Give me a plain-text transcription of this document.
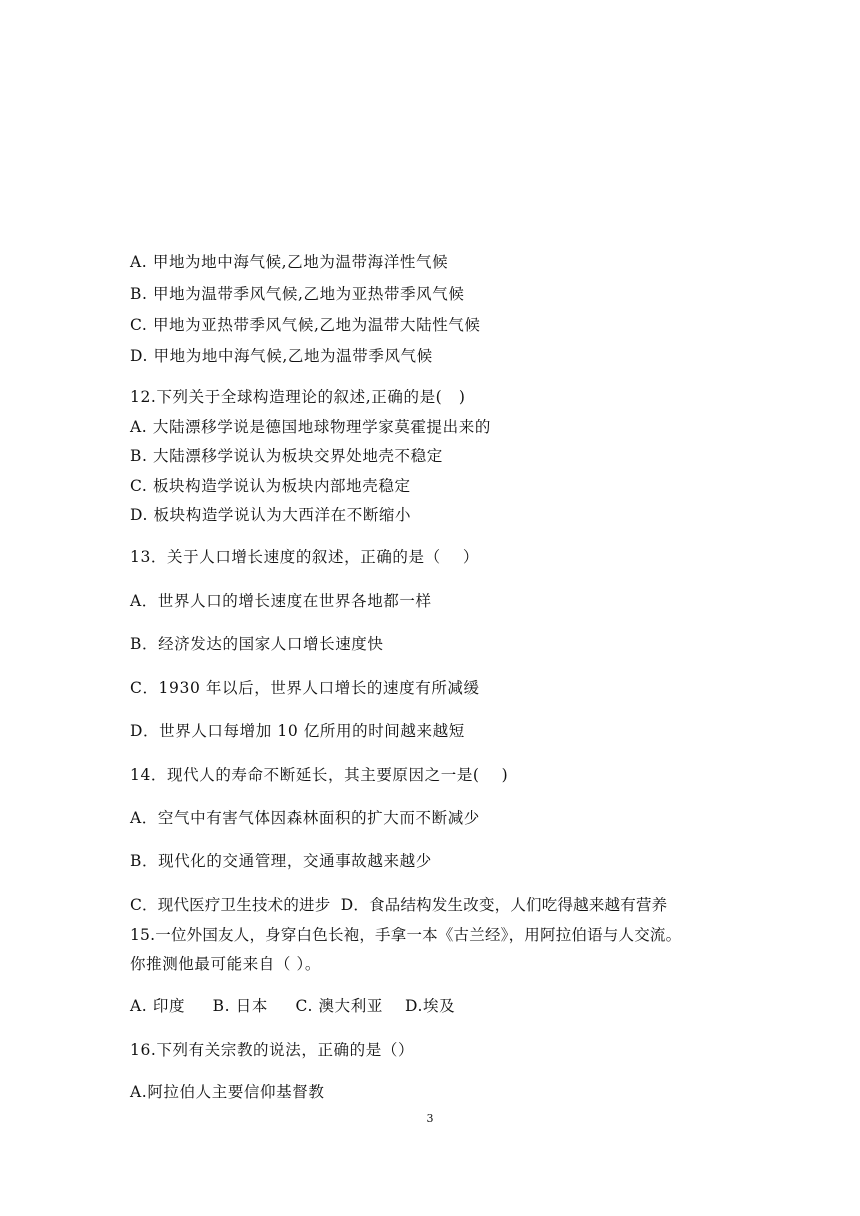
A. 甲地为地中海气候,乙地为温带海洋性气候
B. 甲地为温带季风气候,乙地为亚热带季风气候
C. 甲地为亚热带季风气候,乙地为温带大陆性气候
D. 甲地为地中海气候,乙地为温带季风气候
12.下列关于全球构造理论的叙述,正确的是(   )
A. 大陆漂移学说是德国地球物理学家莫霍提出来的
B. 大陆漂移学说认为板块交界处地壳不稳定
C. 板块构造学说认为板块内部地壳稳定
D. 板块构造学说认为大西洋在不断缩小
13．关于人口增长速度的叙述，正确的是（    ）
A．世界人口的增长速度在世界各地都一样
B．经济发达的国家人口增长速度快
C．1930 年以后，世界人口增长的速度有所减缓
D．世界人口每增加 10 亿所用的时间越来越短
14．现代人的寿命不断延长，其主要原因之一是(    )
A．空气中有害气体因森林面积的扩大而不断减少
B．现代化的交通管理，交通事故越来越少
C．现代医疗卫生技术的进步  D．食品结构发生改变，人们吃得越来越有营养
15.一位外国友人，身穿白色长袍，手拿一本《古兰经》，用阿拉伯语与人交流。
你推测他最可能来自（ ）。
A. 印度     B. 日本     C. 澳大利亚    D.埃及
16.下列有关宗教的说法，正确的是（）
A.阿拉伯人主要信仰基督教
3
